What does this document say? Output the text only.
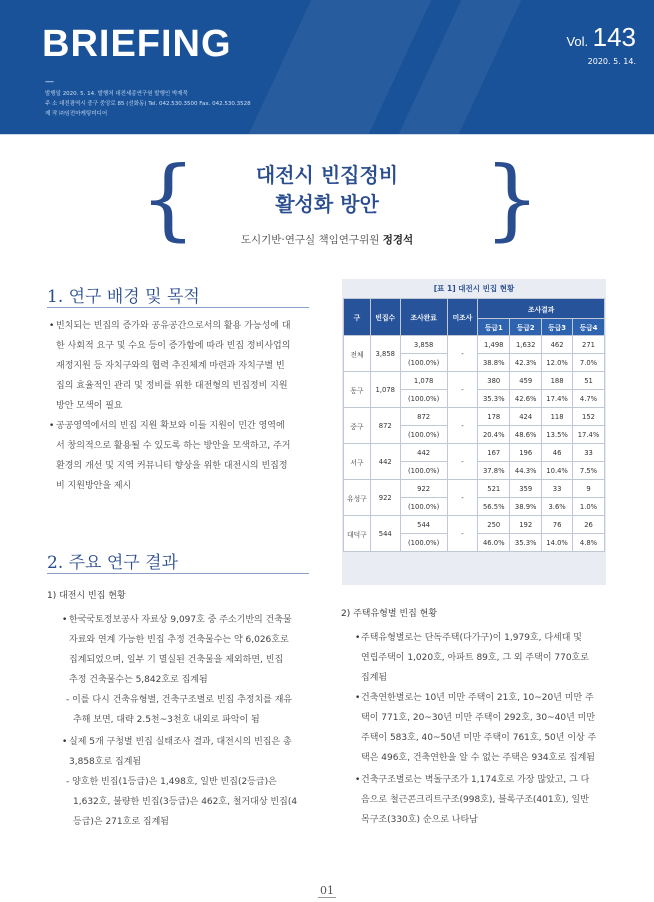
BRIEFING	Vol. 143
2020. 5. 14.
—
발행일 2020. 5. 14. 발행처 대전세종연구원 발행인 박재묵
주 소 대전광역시 중구 중앙로 85 (선화동) Tel. 042.530.3500 Fax. 042.530.3528
제 작 ㈜임전마케팅미디어
{	}
대전시 빈집정비
활성화 방안
도시기반·연구실 책임연구위원 정경석
1. 연구 배경 및 목적
• 빈치되는 빈집의 증가와 공유공간으로서의 활용 가능성에 대
한 사회적 요구 및 수요 등이 증가함에 따라 빈집 정비사업의
재정지원 등 자치구와의 협력 추진체계 마련과 자치구별 빈
집의 효율적인 관리 및 정비를 위한 대전형의 빈집정비 지원
방안 모색이 필요
• 공공영역에서의 빈집 지원 확보와 이들 지원이 민간 영역에
서 창의적으로 활용될 수 있도록 하는 방안을 모색하고, 주거
환경의 개선 및 지역 커뮤니티 향상을 위한 대전시의 빈집정
비 지원방안을 제시
2. 주요 연구 결과
1) 대전시 빈집 현황
• 한국국토정보공사 자료상 9,097호 중 주소기반의 건축물
자료와 연계 가능한 빈집 추정 건축물수는 약 6,026호로
집계되었으며, 일부 기 멸실된 건축물을 제외하면, 빈집
추정 건축물수는 5,842호로 집계됨
- 이를 다시 건축유형별, 건축구조별로 빈집 추정치를 재유
추해 보면, 대략 2.5천~3천호 내외로 파악이 됨
• 실제 5개 구청별 빈집 실태조사 결과, 대전시의 빈집은 총
3,858호로 집계됨
- 양호한 빈집(1등급)은 1,498호, 일반 빈집(2등급)은
1,632호, 불량한 빈집(3등급)은 462호, 철거대상 빈집(4
등급)은 271호로 집계됨
2) 주택유형별 빈집 현황
• 주택유형별로는 단독주택(다가구)이 1,979호, 다세대 및
연립주택이 1,020호, 아파트 89호, 그 외 주택이 770호로
집계됨
• 건축연한별로는 10년 미만 주택이 21호, 10~20년 미만 주
택이 771호, 20~30년 미만 주택이 292호, 30~40년 미만
주택이 583호, 40~50년 미만 주택이 761호, 50년 이상 주
택은 496호, 건축연한을 알 수 없는 주택은 934호로 집계됨
• 건축구조별로는 벽돌구조가 1,174호로 가장 많았고, 그 다
음으로 철근콘크리트구조(998호), 블록구조(401호), 일반
목구조(330호) 순으로 나타남
[표 1] 대전시 빈집 현황
구	빈집수	조사완료	미조사	조사결과			
				등급1	등급2	등급3	등급4
전체	3,858	3,858	-	1,498	1,632	462	271
		(100.0%)		38.8%	42.3%	12.0%	7.0%
동구	1,078	1,078	-	380	459	188	51
		(100.0%)		35.3%	42.6%	17.4%	4.7%
중구	872	872	-	178	424	118	152
		(100.0%)		20.4%	48.6%	13.5%	17.4%
서구	442	442	-	167	196	46	33
		(100.0%)		37.8%	44.3%	10.4%	7.5%
유성구	922	922	-	521	359	33	9
		(100.0%)		56.5%	38.9%	3.6%	1.0%
대덕구	544	544	-	250	192	76	26
		(100.0%)		46.0%	35.3%	14.0%	4.8%
01
